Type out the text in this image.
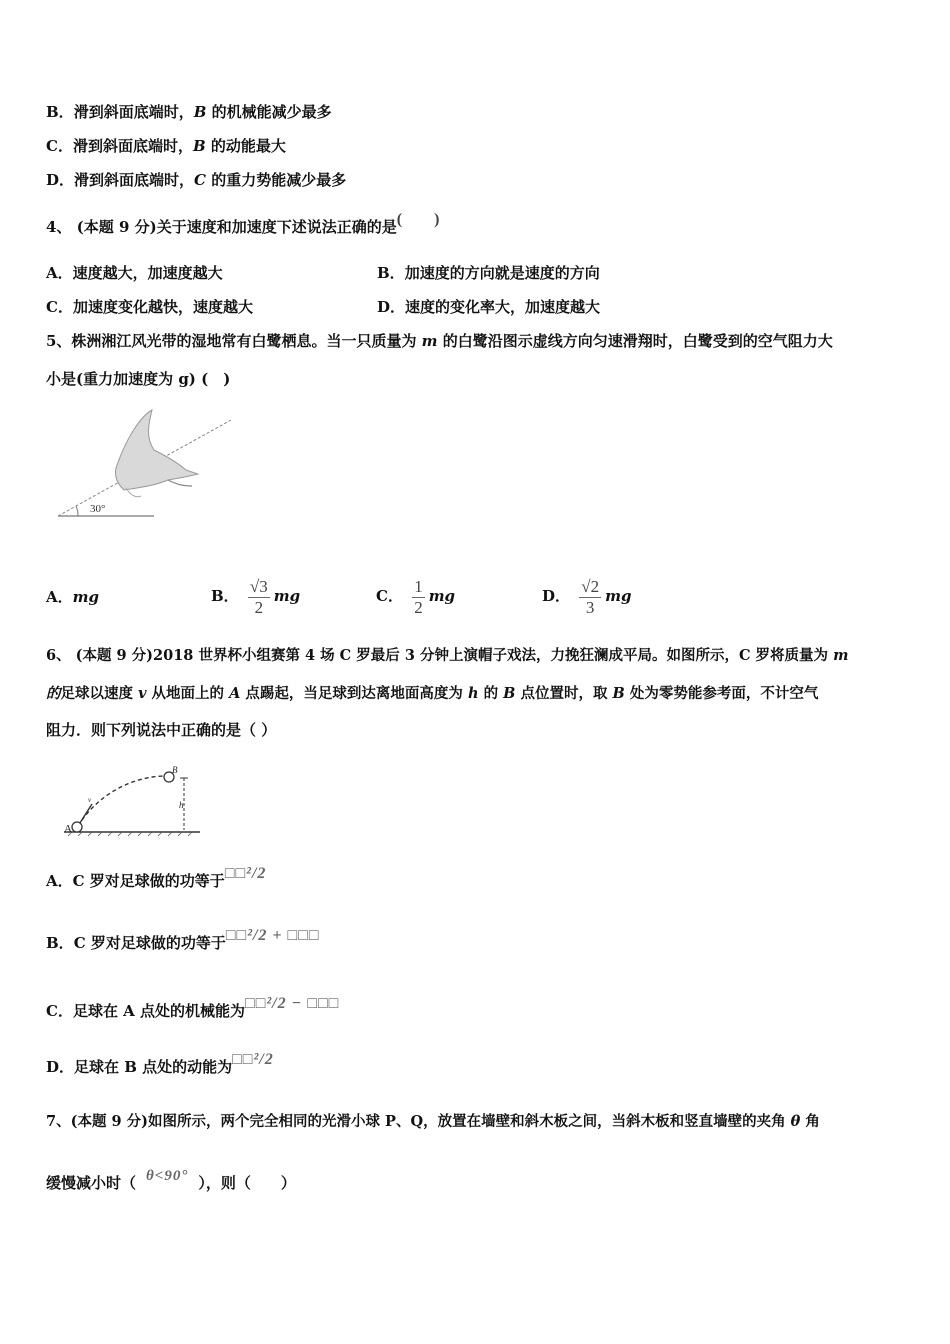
B．滑到斜面底端时，B 的机械能减少最多
C．滑到斜面底端时，B 的动能最大
D．滑到斜面底端时，C 的重力势能减少最多
4、 (本题 9 分)关于速度和加速度下述说法正确的是(　　)
A．速度越大，加速度越大	B．加速度的方向就是速度的方向
C．加速度变化越快，速度越大	D．速度的变化率大，加速度越大
5、株洲湘江风光带的湿地常有白鹭栖息。当一只质量为 m 的白鹭沿图示虚线方向匀速滑翔时，白鹭受到的空气阻力大
小是(重力加速度为 g) (　)
30°
A．mg	B． $\frac{√3}{2}$ mg	C． $\frac{1}{2}$ mg	D． $\frac{√2}{3}$ mg
6、 (本题 9 分)2018 世界杯小组赛第 4 场 C 罗最后 3 分钟上演帽子戏法，力挽狂澜成平局。如图所示，C 罗将质量为 m
的足球以速度 v 从地面上的 A 点踢起，当足球到达离地面高度为 h 的 B 点位置时，取 B 处为零势能参考面，不计空气
阻力．则下列说法中正确的是（ ）
A
B
h
v
A．C 罗对足球做的功等于□□²/2
B．C 罗对足球做的功等于□□²/2 + □□□
C．足球在 A 点处的机械能为□□²/2 − □□□
D．足球在 B 点处的动能为□□²/2
7、(本题 9 分)如图所示，两个完全相同的光滑小球 P、Q，放置在墙壁和斜木板之间，当斜木板和竖直墙壁的夹角 θ 角
缓慢减小时（ θ<90° ），则（　　）
